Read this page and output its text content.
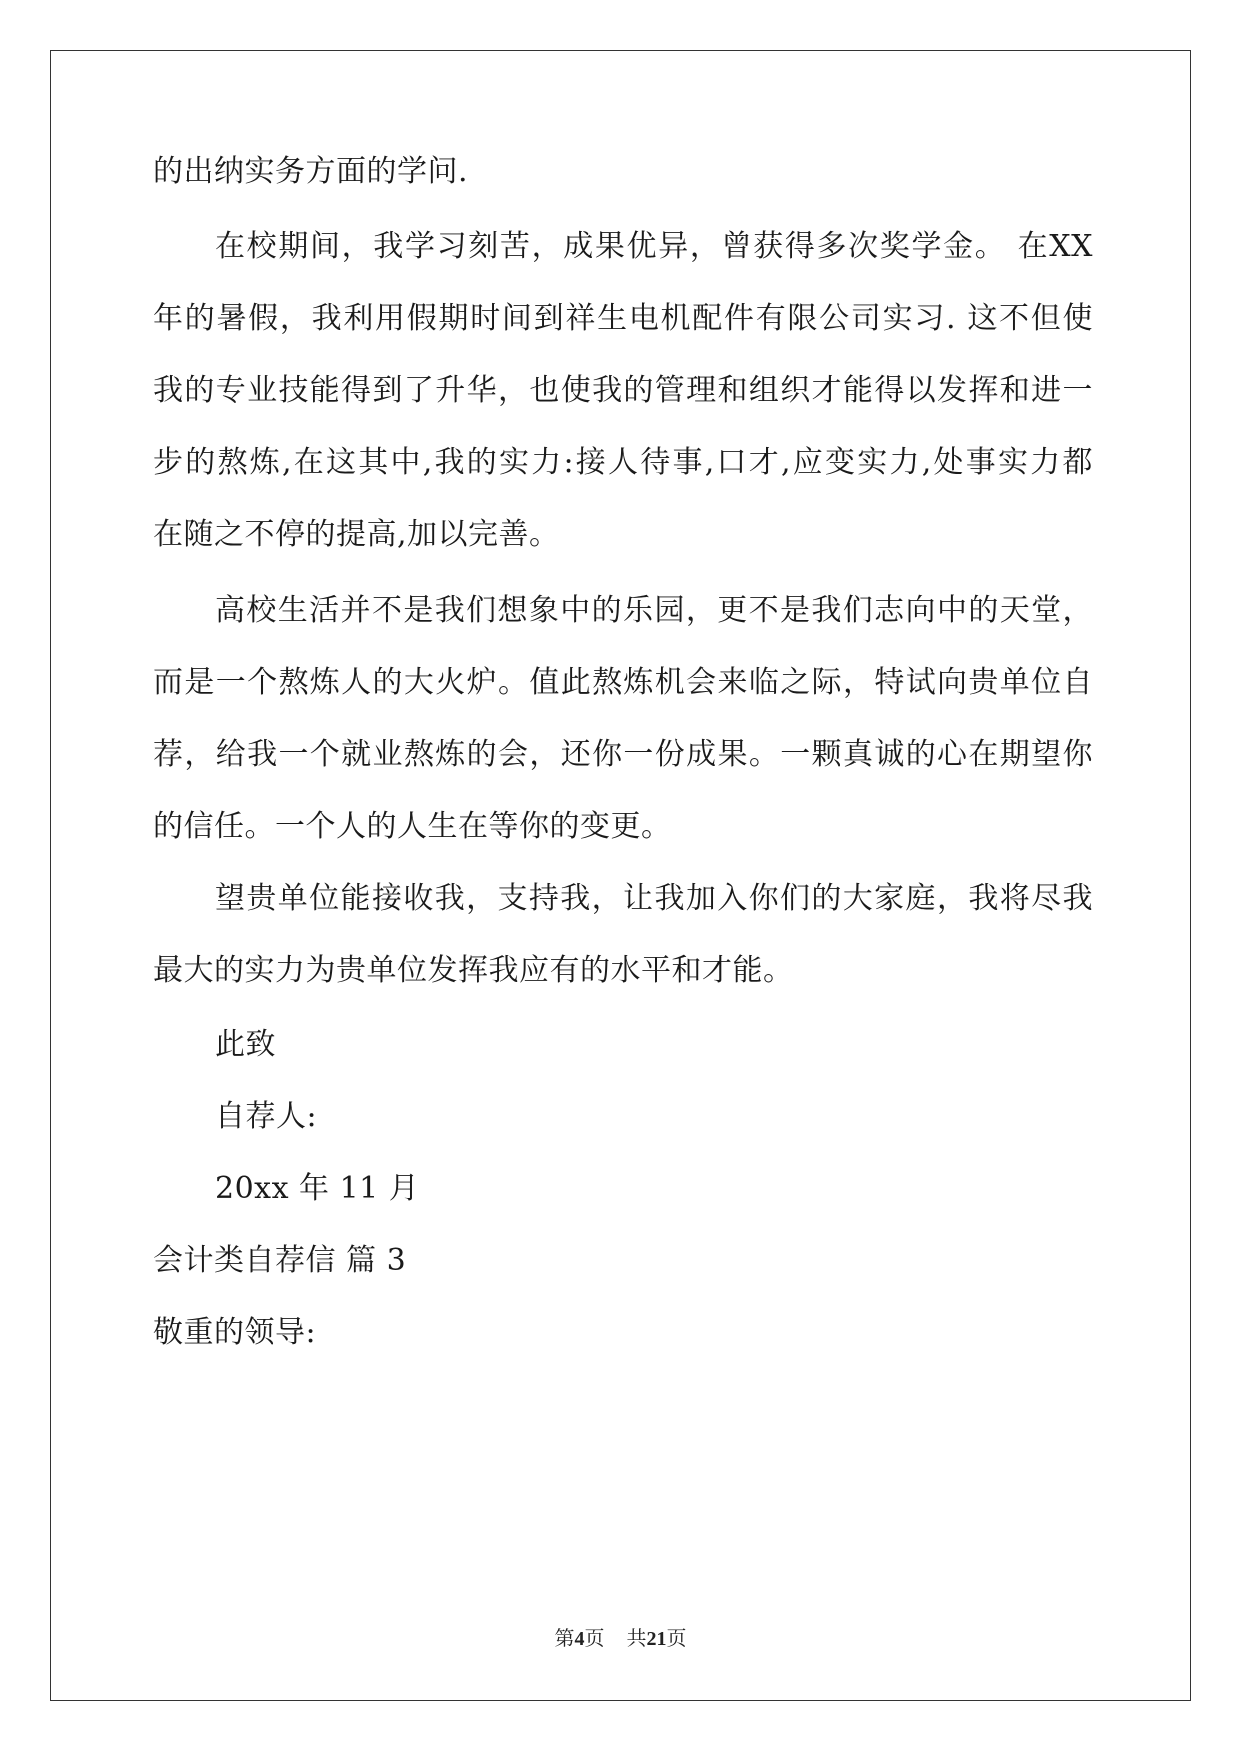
的出纳实务方面的学问.
在校期间，我学习刻苦，成果优异，曾获得多次奖学金。 在XX
年的暑假，我利用假期时间到祥生电机配件有限公司实习. 这不但使
我的专业技能得到了升华，也使我的管理和组织才能得以发挥和进一
步的熬炼,在这其中,我的实力:接人待事,口才,应变实力,处事实力都
在随之不停的提高,加以完善。
高校生活并不是我们想象中的乐园，更不是我们志向中的天堂，
而是一个熬炼人的大火炉。值此熬炼机会来临之际，特试向贵单位自
荐，给我一个就业熬炼的会，还你一份成果。一颗真诚的心在期望你
的信任。一个人的人生在等你的变更。
望贵单位能接收我，支持我，让我加入你们的大家庭，我将尽我
最大的实力为贵单位发挥我应有的水平和才能。
此致
自荐人:
20xx 年 11 月
会计类自荐信 篇 3
敬重的领导:
第4页 共21页
